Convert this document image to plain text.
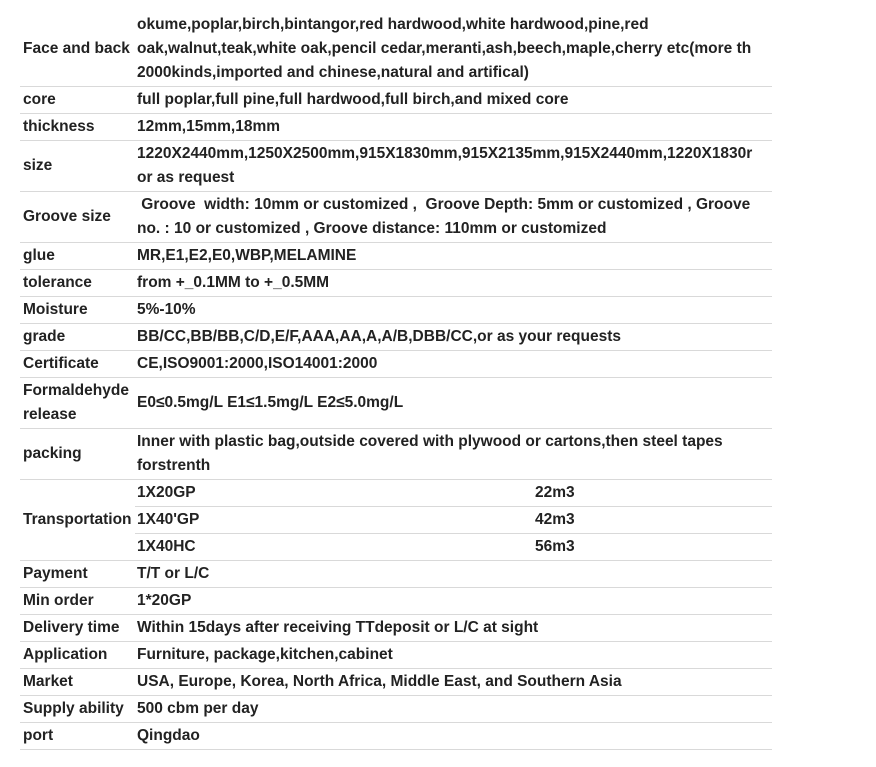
Face and back	okume,poplar,birch,bintangor,red hardwood,white hardwood,pine,red
oak,walnut,teak,white oak,pencil cedar,meranti,ash,beech,maple,cherry etc(more th
2000kinds,imported and chinese,natural and artifical)	

core	full poplar,full pine,full hardwood,full birch,and mixed core	
thickness	12mm,15mm,18mm	
size	1220X2440mm,1250X2500mm,915X1830mm,915X2135mm,915X2440mm,1220X1830r
or as request	

Groove size	Groove  width: 10mm or customized ,  Groove Depth: 5mm or customized , Groove
no. : 10 or customized , Groove distance: 110mm or customized	

glue	MR,E1,E2,E0,WBP,MELAMINE	
tolerance	from +_0.1MM to +_0.5MM	
Moisture	5%-10%	
grade	BB/CC,BB/BB,C/D,E/F,AAA,AA,A,A/B,DBB/CC,or as your requests	
Certificate	CE,ISO9001:2000,ISO14001:2000	

Formaldehyde
release	E0≤0.5mg/L E1≤1.5mg/L E2≤5.0mg/L	
packing	Inner with plastic bag,outside covered with plywood or cartons,then steel tapes
forstrenth	

Transportation	1X20GP	22m3
	1X40'GP	42m3
	1X40HC	56m3
Payment	T/T or L/C	
Min order	1*20GP	
Delivery time	Within 15days after receiving TTdeposit or L/C at sight	
Application	Furniture, package,kitchen,cabinet	
Market	USA, Europe, Korea, North Africa, Middle East, and Southern Asia	
Supply ability	500 cbm per day	
port	Qingdao	
